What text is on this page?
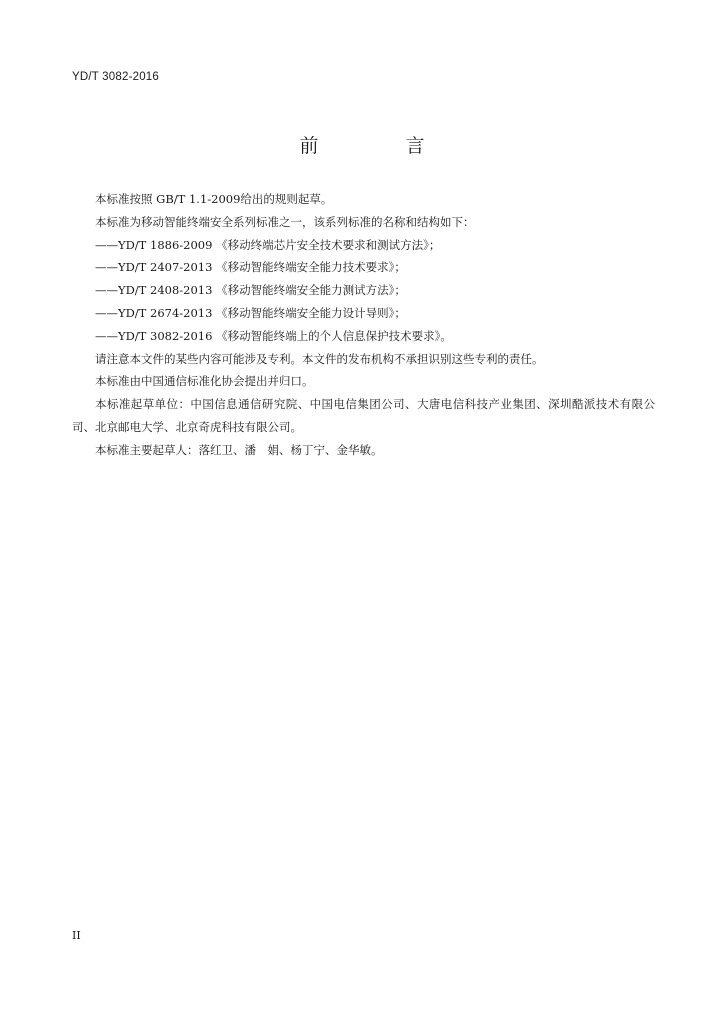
YD/T 3082-2016
前　言

本标准按照 GB/T 1.1-2009给出的规则起草。

本标准为移动智能终端安全系列标准之一，该系列标准的名称和结构如下：

——YD/T 1886-2009 《移动终端芯片安全技术要求和测试方法》；

——YD/T 2407-2013 《移动智能终端安全能力技术要求》；

——YD/T 2408-2013 《移动智能终端安全能力测试方法》；

——YD/T 2674-2013 《移动智能终端安全能力设计导则》；

——YD/T 3082-2016 《移动智能终端上的个人信息保护技术要求》。

请注意本文件的某些内容可能涉及专利。本文件的发布机构不承担识别这些专利的责任。

本标准由中国通信标准化协会提出并归口。

本标准起草单位：中国信息通信研究院、中国电信集团公司、大唐电信科技产业集团、深圳酷派技术有限公司、北京邮电大学、北京奇虎科技有限公司。

本标准主要起草人：落红卫、潘　娟、杨丁宁、金华敏。

II
